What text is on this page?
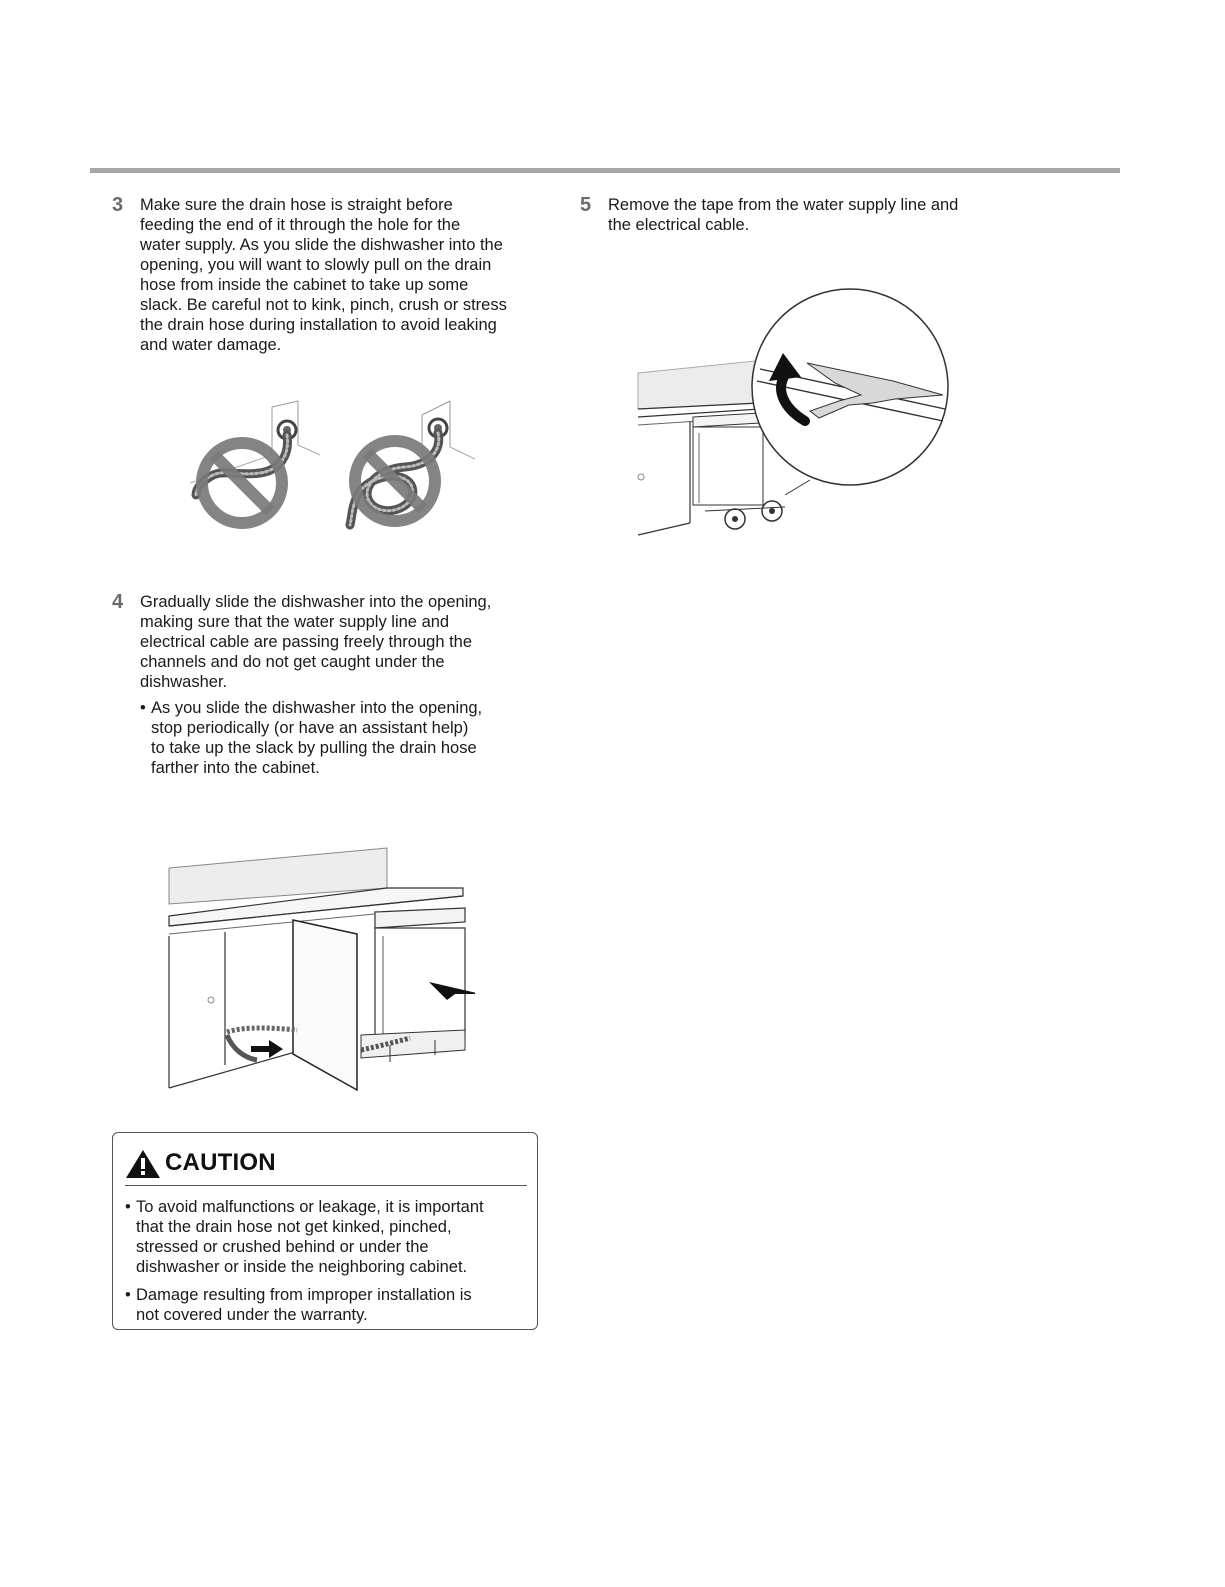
3 Make sure the drain hose is straight before
feeding the end of it through the hole for the
water supply. As you slide the dishwasher into the
opening, you will want to slowly pull on the drain
hose from inside the cabinet to take up some
slack. Be careful not to kink, pinch, crush or stress
the drain hose during installation to avoid leaking
and water damage.
4 Gradually slide the dishwasher into the opening,
making sure that the water supply line and
electrical cable are passing freely through the
channels and do not get caught under the
dishwasher.
• As you slide the dishwasher into the opening,
stop periodically (or have an assistant help)
to take up the slack by pulling the drain hose
farther into the cabinet.
CAUTION
• To avoid malfunctions or leakage, it is important
that the drain hose not get kinked, pinched,
stressed or crushed behind or under the
dishwasher or inside the neighboring cabinet.
• Damage resulting from improper installation is
not covered under the warranty.
5 Remove the tape from the water supply line and
the electrical cable.
